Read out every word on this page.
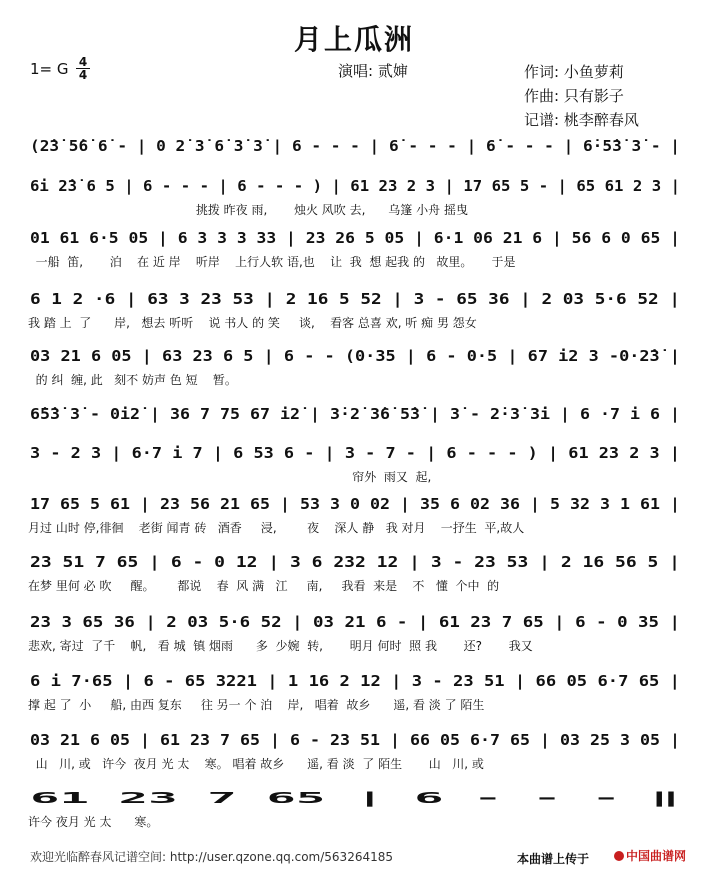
月上瓜洲
1= G 4
4	演唱: 贰婶	作词: 小鱼萝莉
作曲: 只有影子
记谱: 桃李醉春风
(2̇3̇ 5̇6̇ 6̇ - | 0 2̇ 3̇ 6̇ 3̇ 3̇ | 6 - - - | 6̇ - - - | 6̇ - - - | 6̇·5̇3̇ 3̇ - |
6i 2̇3̇ 6 5 | 6 - - - | 6 - - - ) | 61 23 2 3 | 17 65 5 - | 65 61 2 3 |
挑拨 昨夜 雨,       烛火 风吹 去,      乌篷 小舟 摇曳
01 61 6·5 05 | 6 3 3 3 33 | 23 26 5 05 | 6·1 06 21 6 | 56 6 0 65 |
一船  笛,       泊    在 近 岸    听岸    上行人软 语,也    让  我  想 起我 的   故里。     于是
6 1 2 ·6 | 63 3 23 53 | 2 16 5 52 | 3 - 65 36 | 2 03 5·6 52 |
我 踏 上  了      岸,   想去 听听    说 书人 的 笑     谈,    看客 总喜 欢, 听 痴 男 怨女
03 21 6 05 | 63 23 6 5 | 6 - - (0·35 | 6 - 0·5 | 67 i2 3 -0·2̇3̇ |
的 纠  缠, 此   刻不 妨声 色 短    暂。
6̇5̇3̇ 3̇ - 0i2̇ | 36 7 75 67 i2̇ | 3̇·2̇ 3̇6̇ 5̇3̇ | 3̇ - 2̇·3̇ 3̇i | 6 ·7 i 6 |
3 - 2 3 | 6·7 i 7 | 6 53 6 - | 3 - 7 - | 6 - - - ) | 61 23 2 3 |
帘外  雨又  起,
17 65 5 61 | 23 56 21 65 | 53 3 0 02 | 35 6 02 36 | 5 32 3 1 61 |
月过 山时 停,徘徊    老街 闻青 砖   酒香     浸,        夜    深人 静   我 对月    一抒生  平,故人
23 51 7 65 | 6 - 0 12 | 3 6 232 12 | 3 - 23 53 | 2 16 56 5 |
在梦 里何 必 吹     醒。      都说    春  风 满   江     南,     我看  来是    不   懂  个中  的
23 3 65 36 | 2 03 5·6 52 | 03 21 6 - | 61 23 7 65 | 6 - 0 35 |
悲欢, 寄过  了千    帆,   看 城  镇 烟雨      多  少婉  转,       明月 何时  照 我       还?       我又
6 i 7·65 | 6 - 65 3221 | 1 16 2 12 | 3 - 23 51 | 66 05 6·7 65 |
撑 起 了  小     船, 由西 复东     往 另一 个 泊    岸,   唱着  故乡      遥, 看 淡 了 陌生
03 21 6 05 | 61 23 7 65 | 6 - 23 51 | 66 05 6·7 65 | 03 25 3 05 |
山   川, 或   许今  夜月 光 太    寒。 唱着 故乡      遥, 看 淡  了 陌生       山   川, 或
61 23 7 65 | 6 - - - ‖
许今 夜月 光 太      寒。
欢迎光临醉春风记谱空间: http://user.qzone.qq.com/563264185	本曲谱上传于	中国曲谱网
